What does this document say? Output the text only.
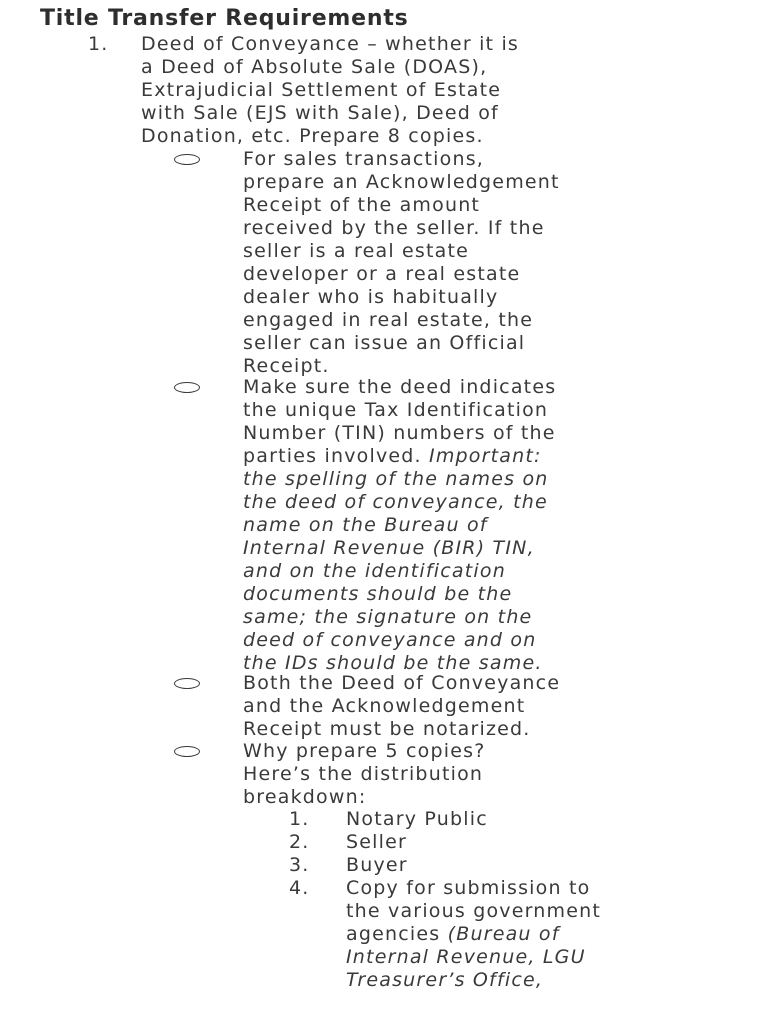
Title Transfer Requirements
1. Deed of Conveyance – whether it is
a Deed of Absolute Sale (DOAS),
Extrajudicial Settlement of Estate
with Sale (EJS with Sale), Deed of
Donation, etc. Prepare 8 copies.
For sales transactions,
prepare an Acknowledgement
Receipt of the amount
received by the seller. If the
seller is a real estate
developer or a real estate
dealer who is habitually
engaged in real estate, the
seller can issue an Official
Receipt.
Make sure the deed indicates
the unique Tax Identification
Number (TIN) numbers of the
parties involved. Important:
the spelling of the names on
the deed of conveyance, the
name on the Bureau of
Internal Revenue (BIR) TIN,
and on the identification
documents should be the
same; the signature on the
deed of conveyance and on
the IDs should be the same.
Both the Deed of Conveyance
and the Acknowledgement
Receipt must be notarized.
Why prepare 5 copies?
Here’s the distribution
breakdown:
1. Notary Public
2. Seller
3. Buyer
4. Copy for submission to
the various government
agencies (Bureau of
Internal Revenue, LGU
Treasurer’s Office,
